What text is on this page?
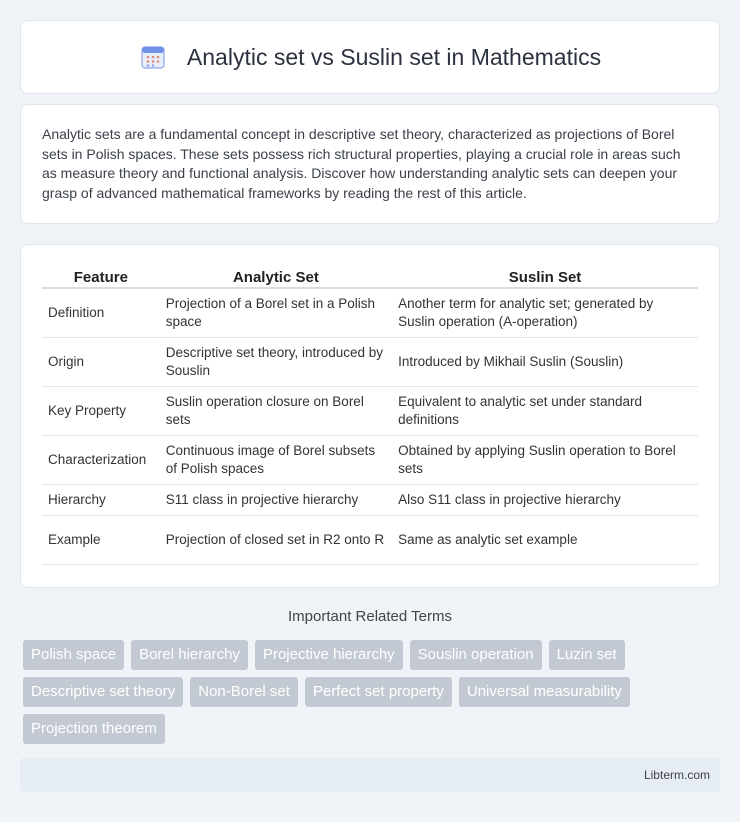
Analytic set vs Suslin set in Mathematics

Analytic sets are a fundamental concept in descriptive set theory, characterized as projections of Borel sets in Polish spaces. These sets possess rich structural properties, playing a crucial role in areas such as measure theory and functional analysis. Discover how understanding analytic sets can deepen your grasp of advanced mathematical frameworks by reading the rest of this article.

Feature	Analytic Set	Suslin Set
Definition	Projection of a Borel set in a Polish space	Another term for analytic set; generated by Suslin operation (A-operation)
Origin	Descriptive set theory, introduced by Souslin	Introduced by Mikhail Suslin (Souslin)
Key Property	Suslin operation closure on Borel sets	Equivalent to analytic set under standard definitions
Characterization	Continuous image of Borel subsets of Polish spaces	Obtained by applying Suslin operation to Borel sets
Hierarchy	S11 class in projective hierarchy	Also S11 class in projective hierarchy
Example	Projection of closed set in R2 onto R	Same as analytic set example
Important Related Terms
Polish space	Borel hierarchy	Projective hierarchy	Souslin operation	Luzin set
Descriptive set theory	Non-Borel set	Perfect set property	Universal measurability
Projection theorem
Libterm.com
